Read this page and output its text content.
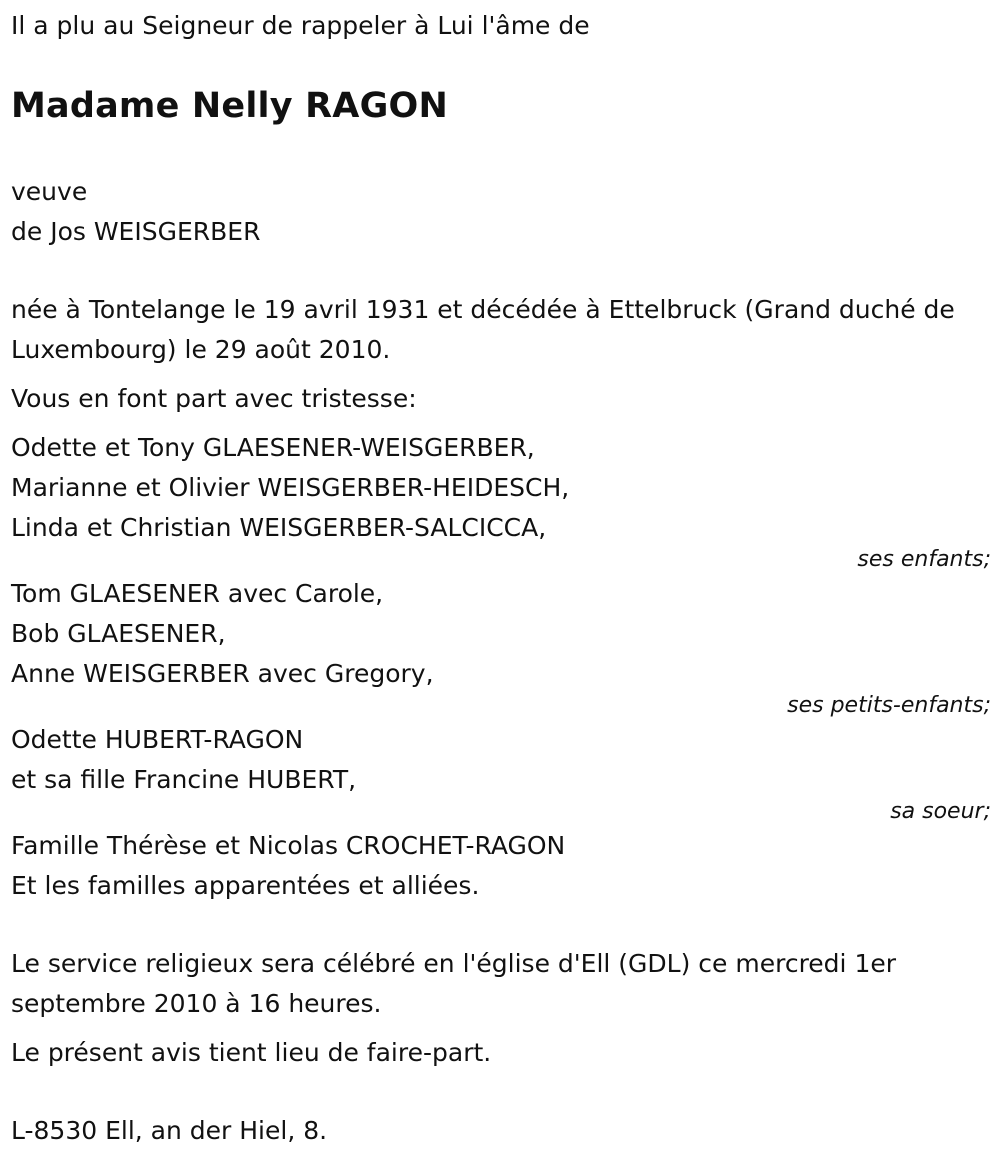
Il a plu au Seigneur de rappeler à Lui l'âme de
Madame Nelly RAGON
veuve
de Jos WEISGERBER
née à Tontelange le 19 avril 1931 et décédée à Ettelbruck (Grand duché de Luxembourg) le 29 août 2010.
Vous en font part avec tristesse:
Odette et Tony GLAESENER-WEISGERBER,
Marianne et Olivier WEISGERBER-HEIDESCH,
Linda et Christian WEISGERBER-SALCICCA,
ses enfants;
Tom GLAESENER avec Carole,
Bob GLAESENER,
Anne WEISGERBER avec Gregory,
ses petits-enfants;
Odette HUBERT-RAGON
et sa fille Francine HUBERT,
sa soeur;
Famille Thérèse et Nicolas CROCHET-RAGON
Et les familles apparentées et alliées.
Le service religieux sera célébré en l'église d'Ell (GDL) ce mercredi 1er septembre 2010 à 16 heures.
Le présent avis tient lieu de faire-part.
L-8530 Ell, an der Hiel, 8.
